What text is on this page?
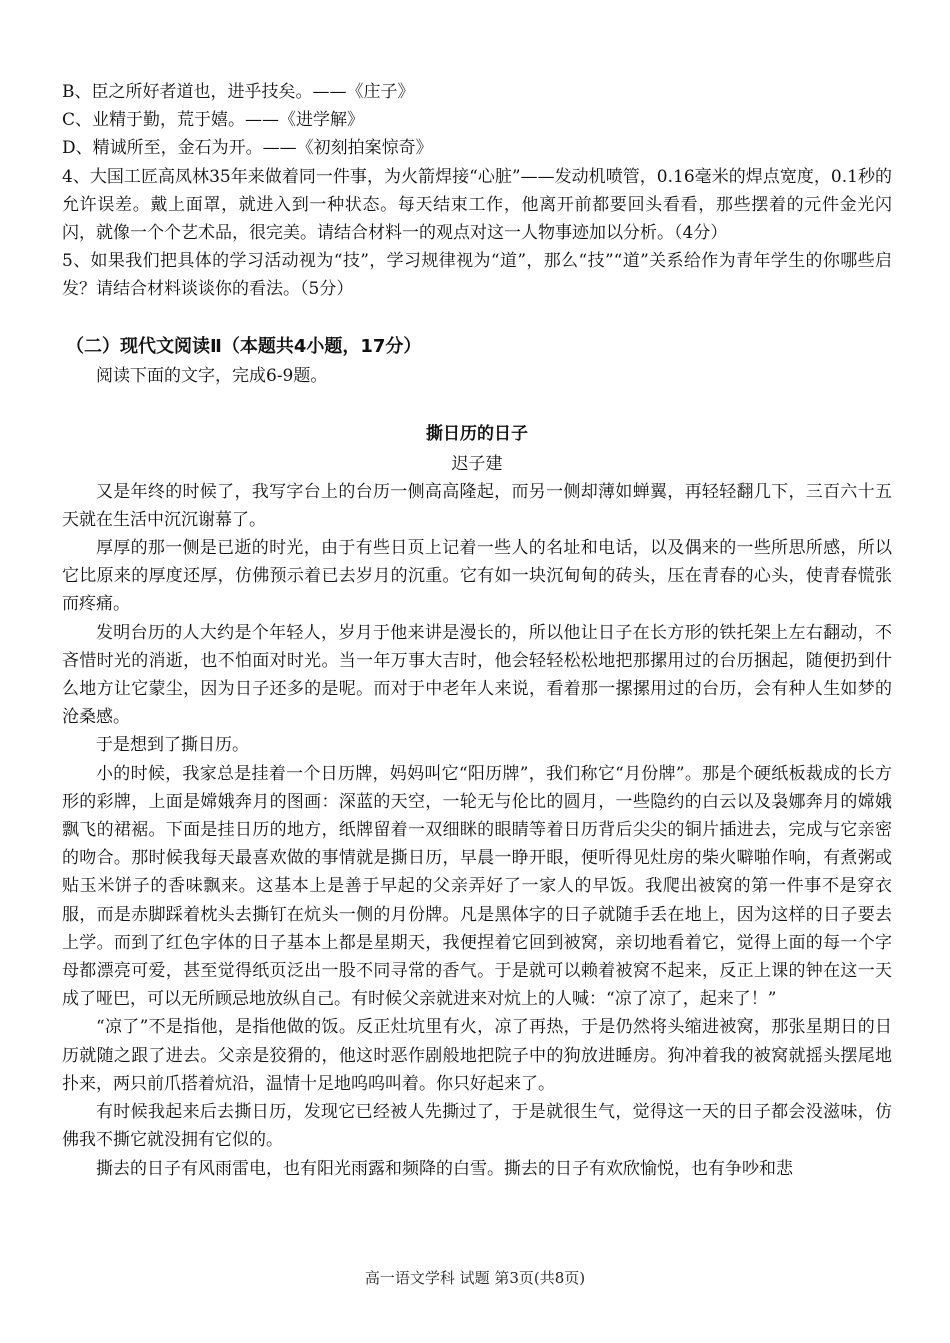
B、臣之所好者道也，进乎技矣。——《庄子》

C、业精于勤，荒于嬉。——《进学解》

D、精诚所至，金石为开。——《初刻拍案惊奇》

4、大国工匠高凤林35年来做着同一件事，为火箭焊接“心脏”——发动机喷管，0.16毫米的焊点宽度，0.1秒的允许误差。戴上面罩，就进入到一种状态。每天结束工作，他离开前都要回头看看，那些摆着的元件金光闪闪，就像一个个艺术品，很完美。请结合材料一的观点对这一人物事迹加以分析。（4分）

5、如果我们把具体的学习活动视为“技”，学习规律视为“道”，那么“技”“道”关系给作为青年学生的你哪些启发？请结合材料谈谈你的看法。（5分）

（二）现代文阅读Ⅱ（本题共4小题，17分）

阅读下面的文字，完成6-9题。

撕日历的日子
迟子建

又是年终的时候了，我写字台上的台历一侧高高隆起，而另一侧却薄如蝉翼，再轻轻翻几下，三百六十五天就在生活中沉沉谢幕了。

厚厚的那一侧是已逝的时光，由于有些日页上记着一些人的名址和电话，以及偶来的一些所思所感，所以它比原来的厚度还厚，仿佛预示着已去岁月的沉重。它有如一块沉甸甸的砖头，压在青春的心头，使青春慌张而疼痛。

发明台历的人大约是个年轻人，岁月于他来讲是漫长的，所以他让日子在长方形的铁托架上左右翻动，不吝惜时光的消逝，也不怕面对时光。当一年万事大吉时，他会轻轻松松地把那摞用过的台历捆起，随便扔到什么地方让它蒙尘，因为日子还多的是呢。而对于中老年人来说，看着那一摞摞用过的台历，会有种人生如梦的沧桑感。

于是想到了撕日历。

小的时候，我家总是挂着一个日历牌，妈妈叫它“阳历牌”，我们称它“月份牌”。那是个硬纸板裁成的长方形的彩牌，上面是嫦娥奔月的图画：深蓝的天空，一轮无与伦比的圆月，一些隐约的白云以及袅娜奔月的嫦娥飘飞的裙裾。下面是挂日历的地方，纸牌留着一双细眯的眼睛等着日历背后尖尖的铜片插进去，完成与它亲密的吻合。那时候我每天最喜欢做的事情就是撕日历，早晨一睁开眼，便听得见灶房的柴火噼啪作响，有煮粥或贴玉米饼子的香味飘来。这基本上是善于早起的父亲弄好了一家人的早饭。我爬出被窝的第一件事不是穿衣服，而是赤脚踩着枕头去撕钉在炕头一侧的月份牌。凡是黑体字的日子就随手丢在地上，因为这样的日子要去上学。而到了红色字体的日子基本上都是星期天，我便捏着它回到被窝，亲切地看着它，觉得上面的每一个字母都漂亮可爱，甚至觉得纸页泛出一股不同寻常的香气。于是就可以赖着被窝不起来，反正上课的钟在这一天成了哑巴，可以无所顾忌地放纵自己。有时候父亲就进来对炕上的人喊：“凉了凉了，起来了！”

“凉了”不是指他，是指他做的饭。反正灶坑里有火，凉了再热，于是仍然将头缩进被窝，那张星期日的日历就随之跟了进去。父亲是狡猾的，他这时恶作剧般地把院子中的狗放进睡房。狗冲着我的被窝就摇头摆尾地扑来，两只前爪搭着炕沿，温情十足地呜呜叫着。你只好起来了。

有时候我起来后去撕日历，发现它已经被人先撕过了，于是就很生气，觉得这一天的日子都会没滋味，仿佛我不撕它就没拥有它似的。

撕去的日子有风雨雷电，也有阳光雨露和频降的白雪。撕去的日子有欢欣愉悦，也有争吵和悲

高一语文学科 试题 第3页(共8页)
